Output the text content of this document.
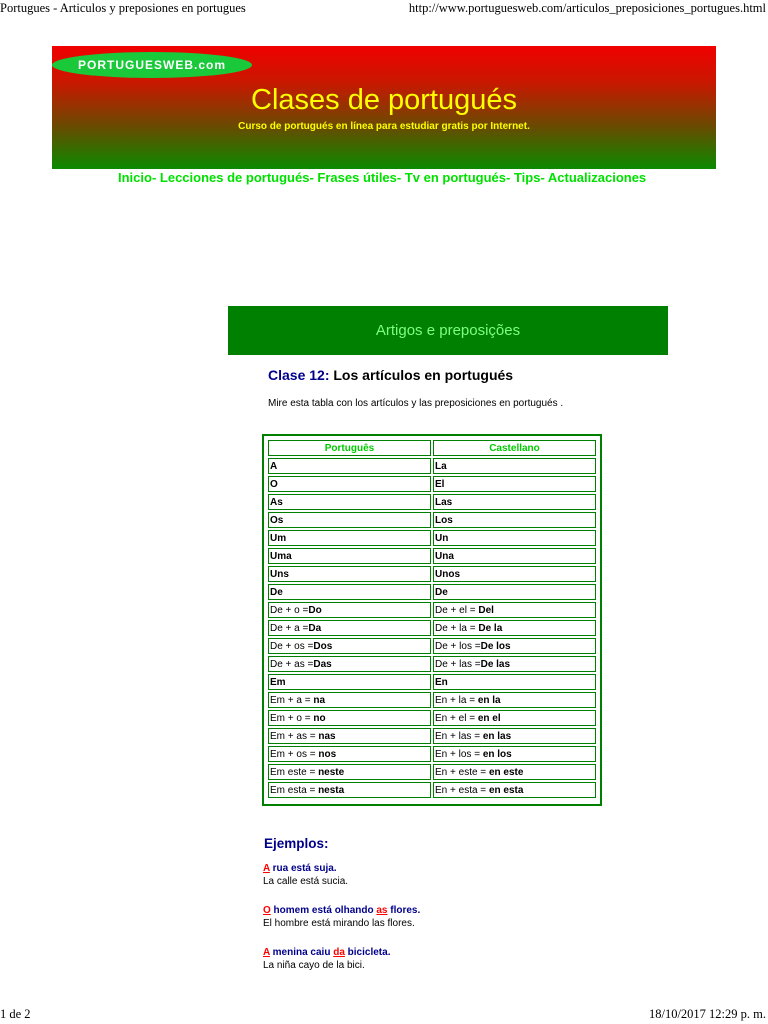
Portugues - Articulos y preposiones en portugues	http://www.portuguesweb.com/articulos_preposiciones_portugues.html
PORTUGUESWEB.com
Clases de portugués
Curso de portugués en línea para estudiar gratis por Internet.
Inicio- Lecciones de portugués- Frases útiles- Tv en portugués- Tips- Actualizaciones
Artigos e preposições
Clase 12: Los artículos en portugués
Mire esta tabla con los artículos y las preposiciones en portugués .
Português	Castellano
A	La
O	El
As	Las
Os	Los
Um	Un
Uma	Una
Uns	Unos
De	De
De + o =Do	De + el = Del
De + a =Da	De + la = De la
De + os =Dos	De + los =De los
De + as =Das	De + las =De las
Em	En
Em + a = na	En + la = en la
Em + o = no	En + el = en el
Em + as = nas	En + las = en las
Em + os = nos	En + los = en los
Em este = neste	En + este = en este
Em esta = nesta	En + esta = en esta
Ejemplos:
A rua está suja.
La calle está sucia.
O homem está olhando as flores.
El hombre está mirando las flores.
A menina caiu da bicicleta.
La niña cayo de la bici.
1 de 2	18/10/2017 12:29 p. m.
